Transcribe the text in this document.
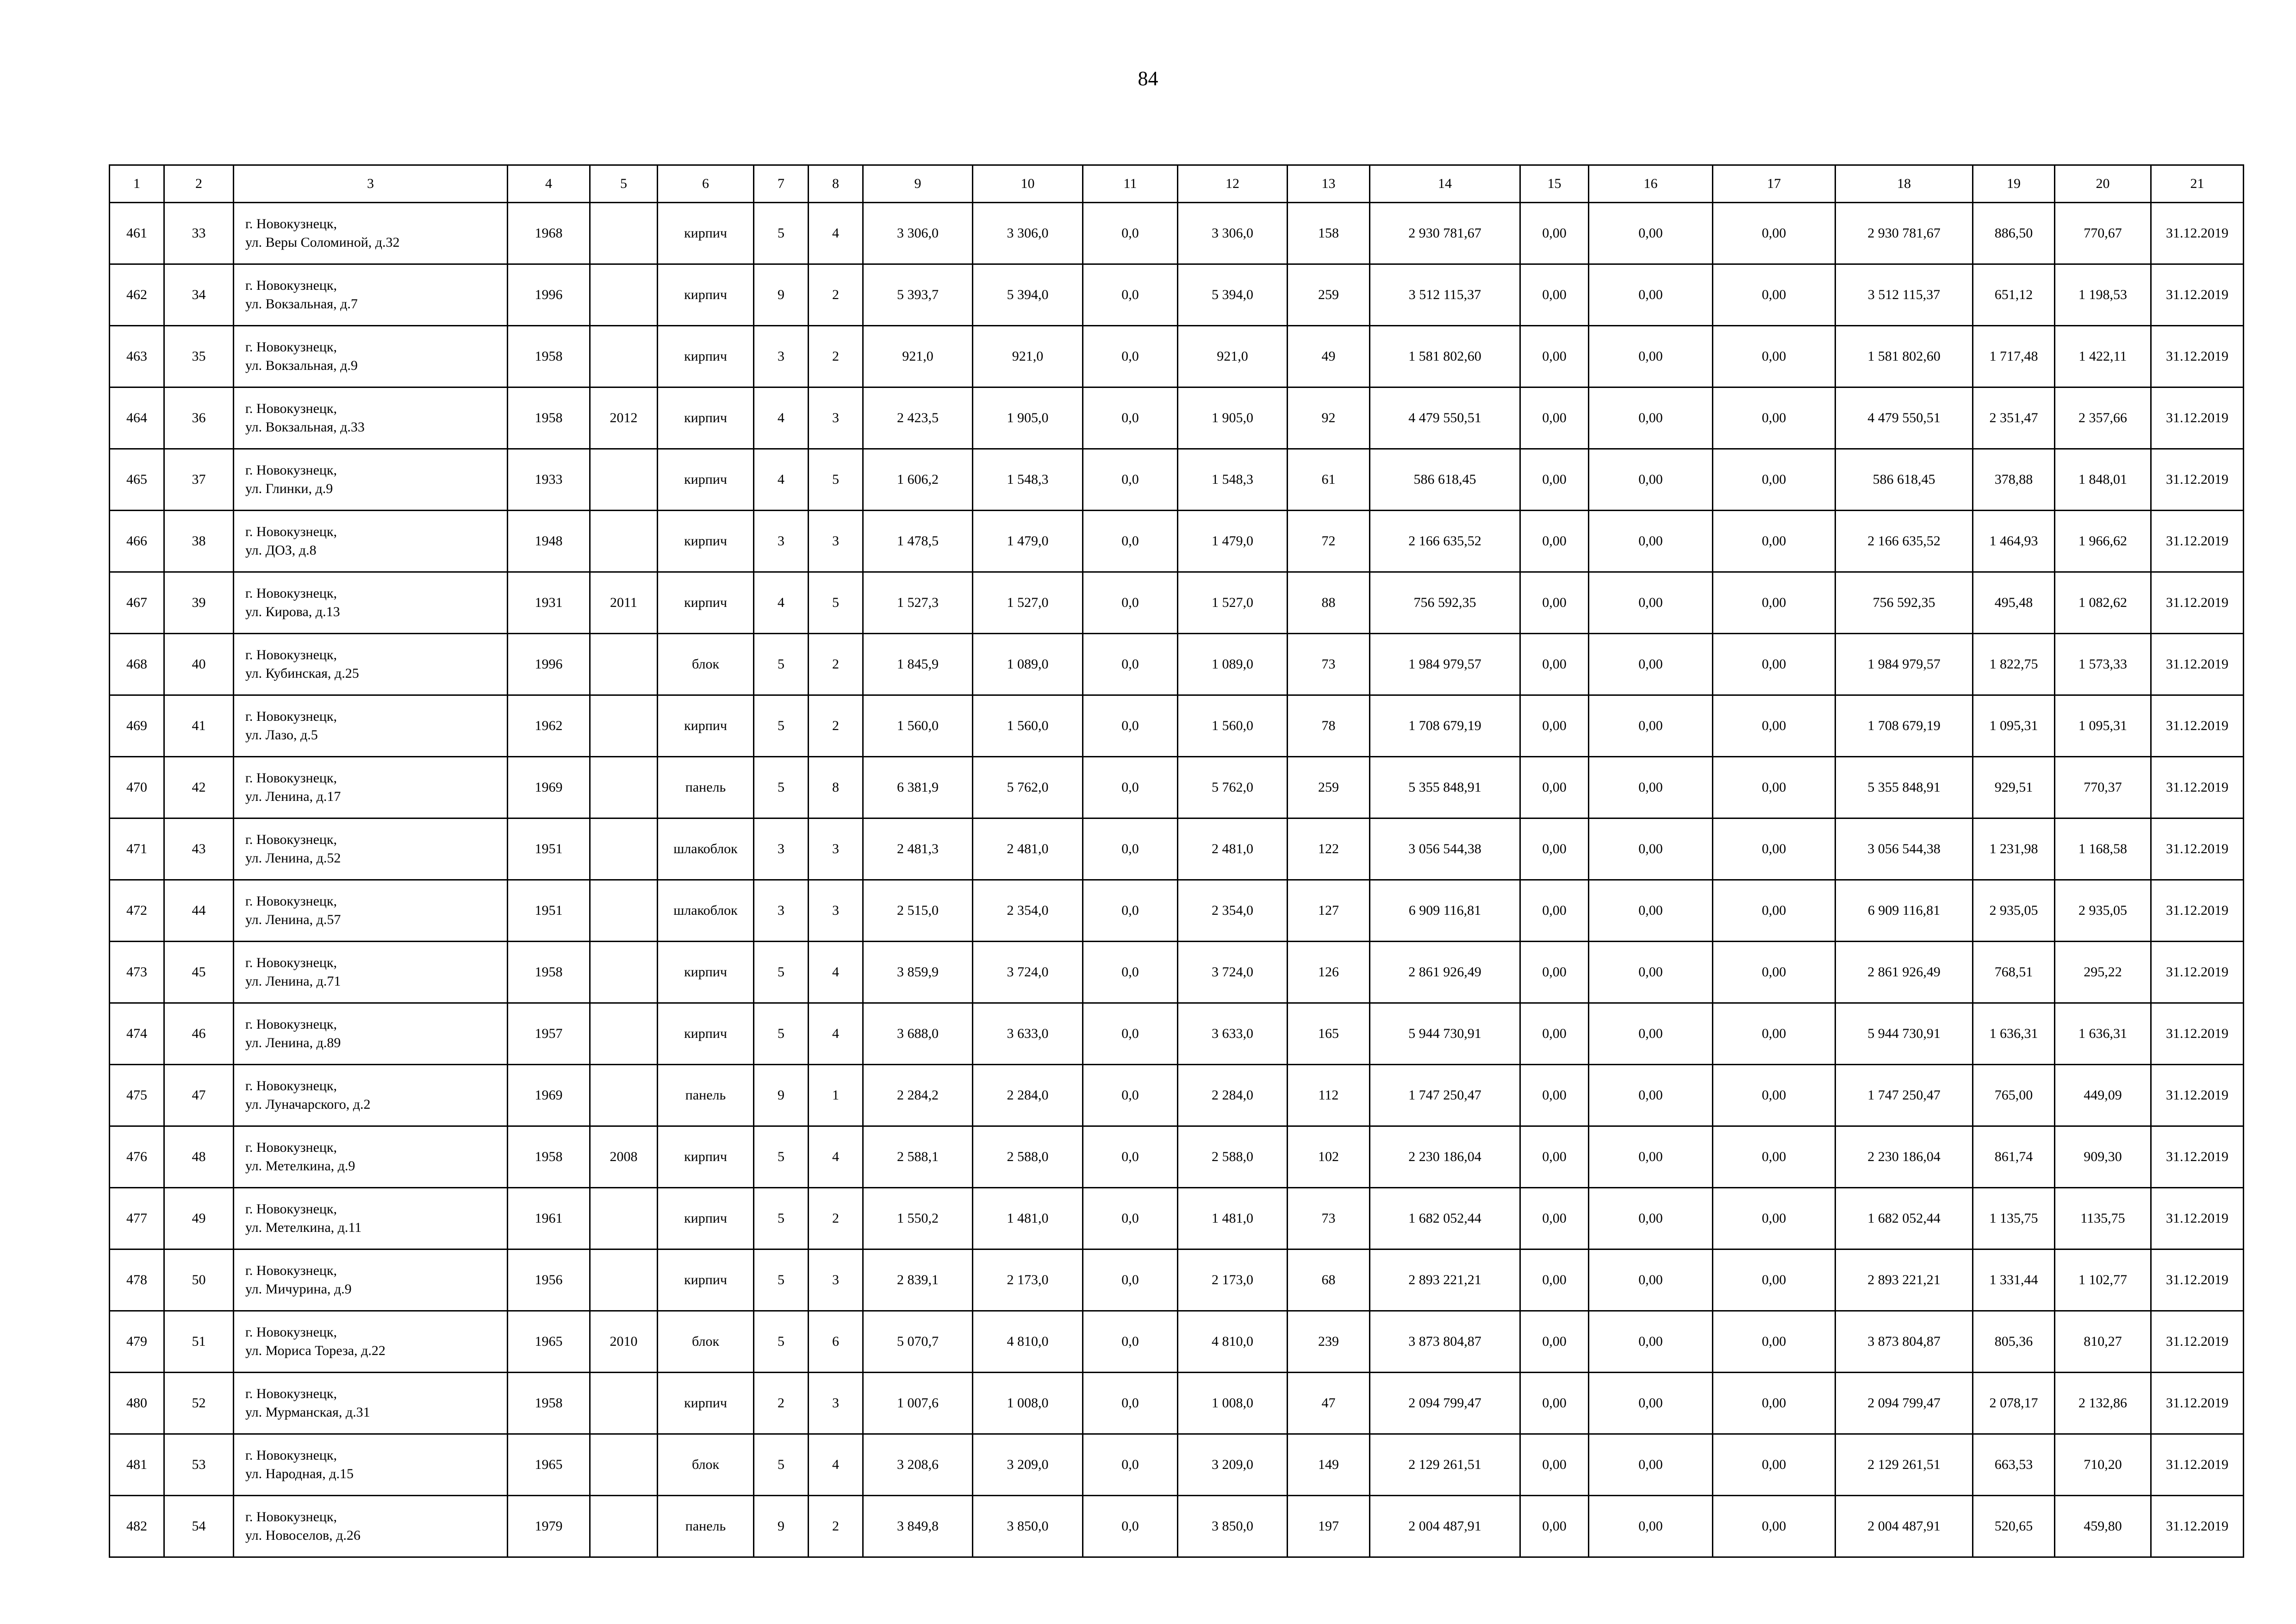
84
1	2	3	4	5	6	7	8	9	10	11	12	13	14	15	16	17	18	19	20	21
461	33	г. Новокузнецк,
ул. Веры Соломиной, д.32	1968		кирпич	5	4	3 306,0	3 306,0	0,0	3 306,0	158	2 930 781,67	0,00	0,00	0,00	2 930 781,67	886,50	770,67	31.12.2019
462	34	г. Новокузнецк,
ул. Вокзальная, д.7	1996		кирпич	9	2	5 393,7	5 394,0	0,0	5 394,0	259	3 512 115,37	0,00	0,00	0,00	3 512 115,37	651,12	1 198,53	31.12.2019
463	35	г. Новокузнецк,
ул. Вокзальная, д.9	1958		кирпич	3	2	921,0	921,0	0,0	921,0	49	1 581 802,60	0,00	0,00	0,00	1 581 802,60	1 717,48	1 422,11	31.12.2019
464	36	г. Новокузнецк,
ул. Вокзальная, д.33	1958	2012	кирпич	4	3	2 423,5	1 905,0	0,0	1 905,0	92	4 479 550,51	0,00	0,00	0,00	4 479 550,51	2 351,47	2 357,66	31.12.2019
465	37	г. Новокузнецк,
ул. Глинки, д.9	1933		кирпич	4	5	1 606,2	1 548,3	0,0	1 548,3	61	586 618,45	0,00	0,00	0,00	586 618,45	378,88	1 848,01	31.12.2019
466	38	г. Новокузнецк,
ул. ДОЗ, д.8	1948		кирпич	3	3	1 478,5	1 479,0	0,0	1 479,0	72	2 166 635,52	0,00	0,00	0,00	2 166 635,52	1 464,93	1 966,62	31.12.2019
467	39	г. Новокузнецк,
ул. Кирова, д.13	1931	2011	кирпич	4	5	1 527,3	1 527,0	0,0	1 527,0	88	756 592,35	0,00	0,00	0,00	756 592,35	495,48	1 082,62	31.12.2019
468	40	г. Новокузнецк,
ул. Кубинская, д.25	1996		блок	5	2	1 845,9	1 089,0	0,0	1 089,0	73	1 984 979,57	0,00	0,00	0,00	1 984 979,57	1 822,75	1 573,33	31.12.2019
469	41	г. Новокузнецк,
ул. Лазо, д.5	1962		кирпич	5	2	1 560,0	1 560,0	0,0	1 560,0	78	1 708 679,19	0,00	0,00	0,00	1 708 679,19	1 095,31	1 095,31	31.12.2019
470	42	г. Новокузнецк,
ул. Ленина, д.17	1969		панель	5	8	6 381,9	5 762,0	0,0	5 762,0	259	5 355 848,91	0,00	0,00	0,00	5 355 848,91	929,51	770,37	31.12.2019
471	43	г. Новокузнецк,
ул. Ленина, д.52	1951		шлакоблок	3	3	2 481,3	2 481,0	0,0	2 481,0	122	3 056 544,38	0,00	0,00	0,00	3 056 544,38	1 231,98	1 168,58	31.12.2019
472	44	г. Новокузнецк,
ул. Ленина, д.57	1951		шлакоблок	3	3	2 515,0	2 354,0	0,0	2 354,0	127	6 909 116,81	0,00	0,00	0,00	6 909 116,81	2 935,05	2 935,05	31.12.2019
473	45	г. Новокузнецк,
ул. Ленина, д.71	1958		кирпич	5	4	3 859,9	3 724,0	0,0	3 724,0	126	2 861 926,49	0,00	0,00	0,00	2 861 926,49	768,51	295,22	31.12.2019
474	46	г. Новокузнецк,
ул. Ленина, д.89	1957		кирпич	5	4	3 688,0	3 633,0	0,0	3 633,0	165	5 944 730,91	0,00	0,00	0,00	5 944 730,91	1 636,31	1 636,31	31.12.2019
475	47	г. Новокузнецк,
ул. Луначарского, д.2	1969		панель	9	1	2 284,2	2 284,0	0,0	2 284,0	112	1 747 250,47	0,00	0,00	0,00	1 747 250,47	765,00	449,09	31.12.2019
476	48	г. Новокузнецк,
ул. Метелкина, д.9	1958	2008	кирпич	5	4	2 588,1	2 588,0	0,0	2 588,0	102	2 230 186,04	0,00	0,00	0,00	2 230 186,04	861,74	909,30	31.12.2019
477	49	г. Новокузнецк,
ул. Метелкина, д.11	1961		кирпич	5	2	1 550,2	1 481,0	0,0	1 481,0	73	1 682 052,44	0,00	0,00	0,00	1 682 052,44	1 135,75	1135,75	31.12.2019
478	50	г. Новокузнецк,
ул. Мичурина, д.9	1956		кирпич	5	3	2 839,1	2 173,0	0,0	2 173,0	68	2 893 221,21	0,00	0,00	0,00	2 893 221,21	1 331,44	1 102,77	31.12.2019
479	51	г. Новокузнецк,
ул. Мориса Тореза, д.22	1965	2010	блок	5	6	5 070,7	4 810,0	0,0	4 810,0	239	3 873 804,87	0,00	0,00	0,00	3 873 804,87	805,36	810,27	31.12.2019
480	52	г. Новокузнецк,
ул. Мурманская, д.31	1958		кирпич	2	3	1 007,6	1 008,0	0,0	1 008,0	47	2 094 799,47	0,00	0,00	0,00	2 094 799,47	2 078,17	2 132,86	31.12.2019
481	53	г. Новокузнецк,
ул. Народная, д.15	1965		блок	5	4	3 208,6	3 209,0	0,0	3 209,0	149	2 129 261,51	0,00	0,00	0,00	2 129 261,51	663,53	710,20	31.12.2019
482	54	г. Новокузнецк,
ул. Новоселов, д.26	1979		панель	9	2	3 849,8	3 850,0	0,0	3 850,0	197	2 004 487,91	0,00	0,00	0,00	2 004 487,91	520,65	459,80	31.12.2019
